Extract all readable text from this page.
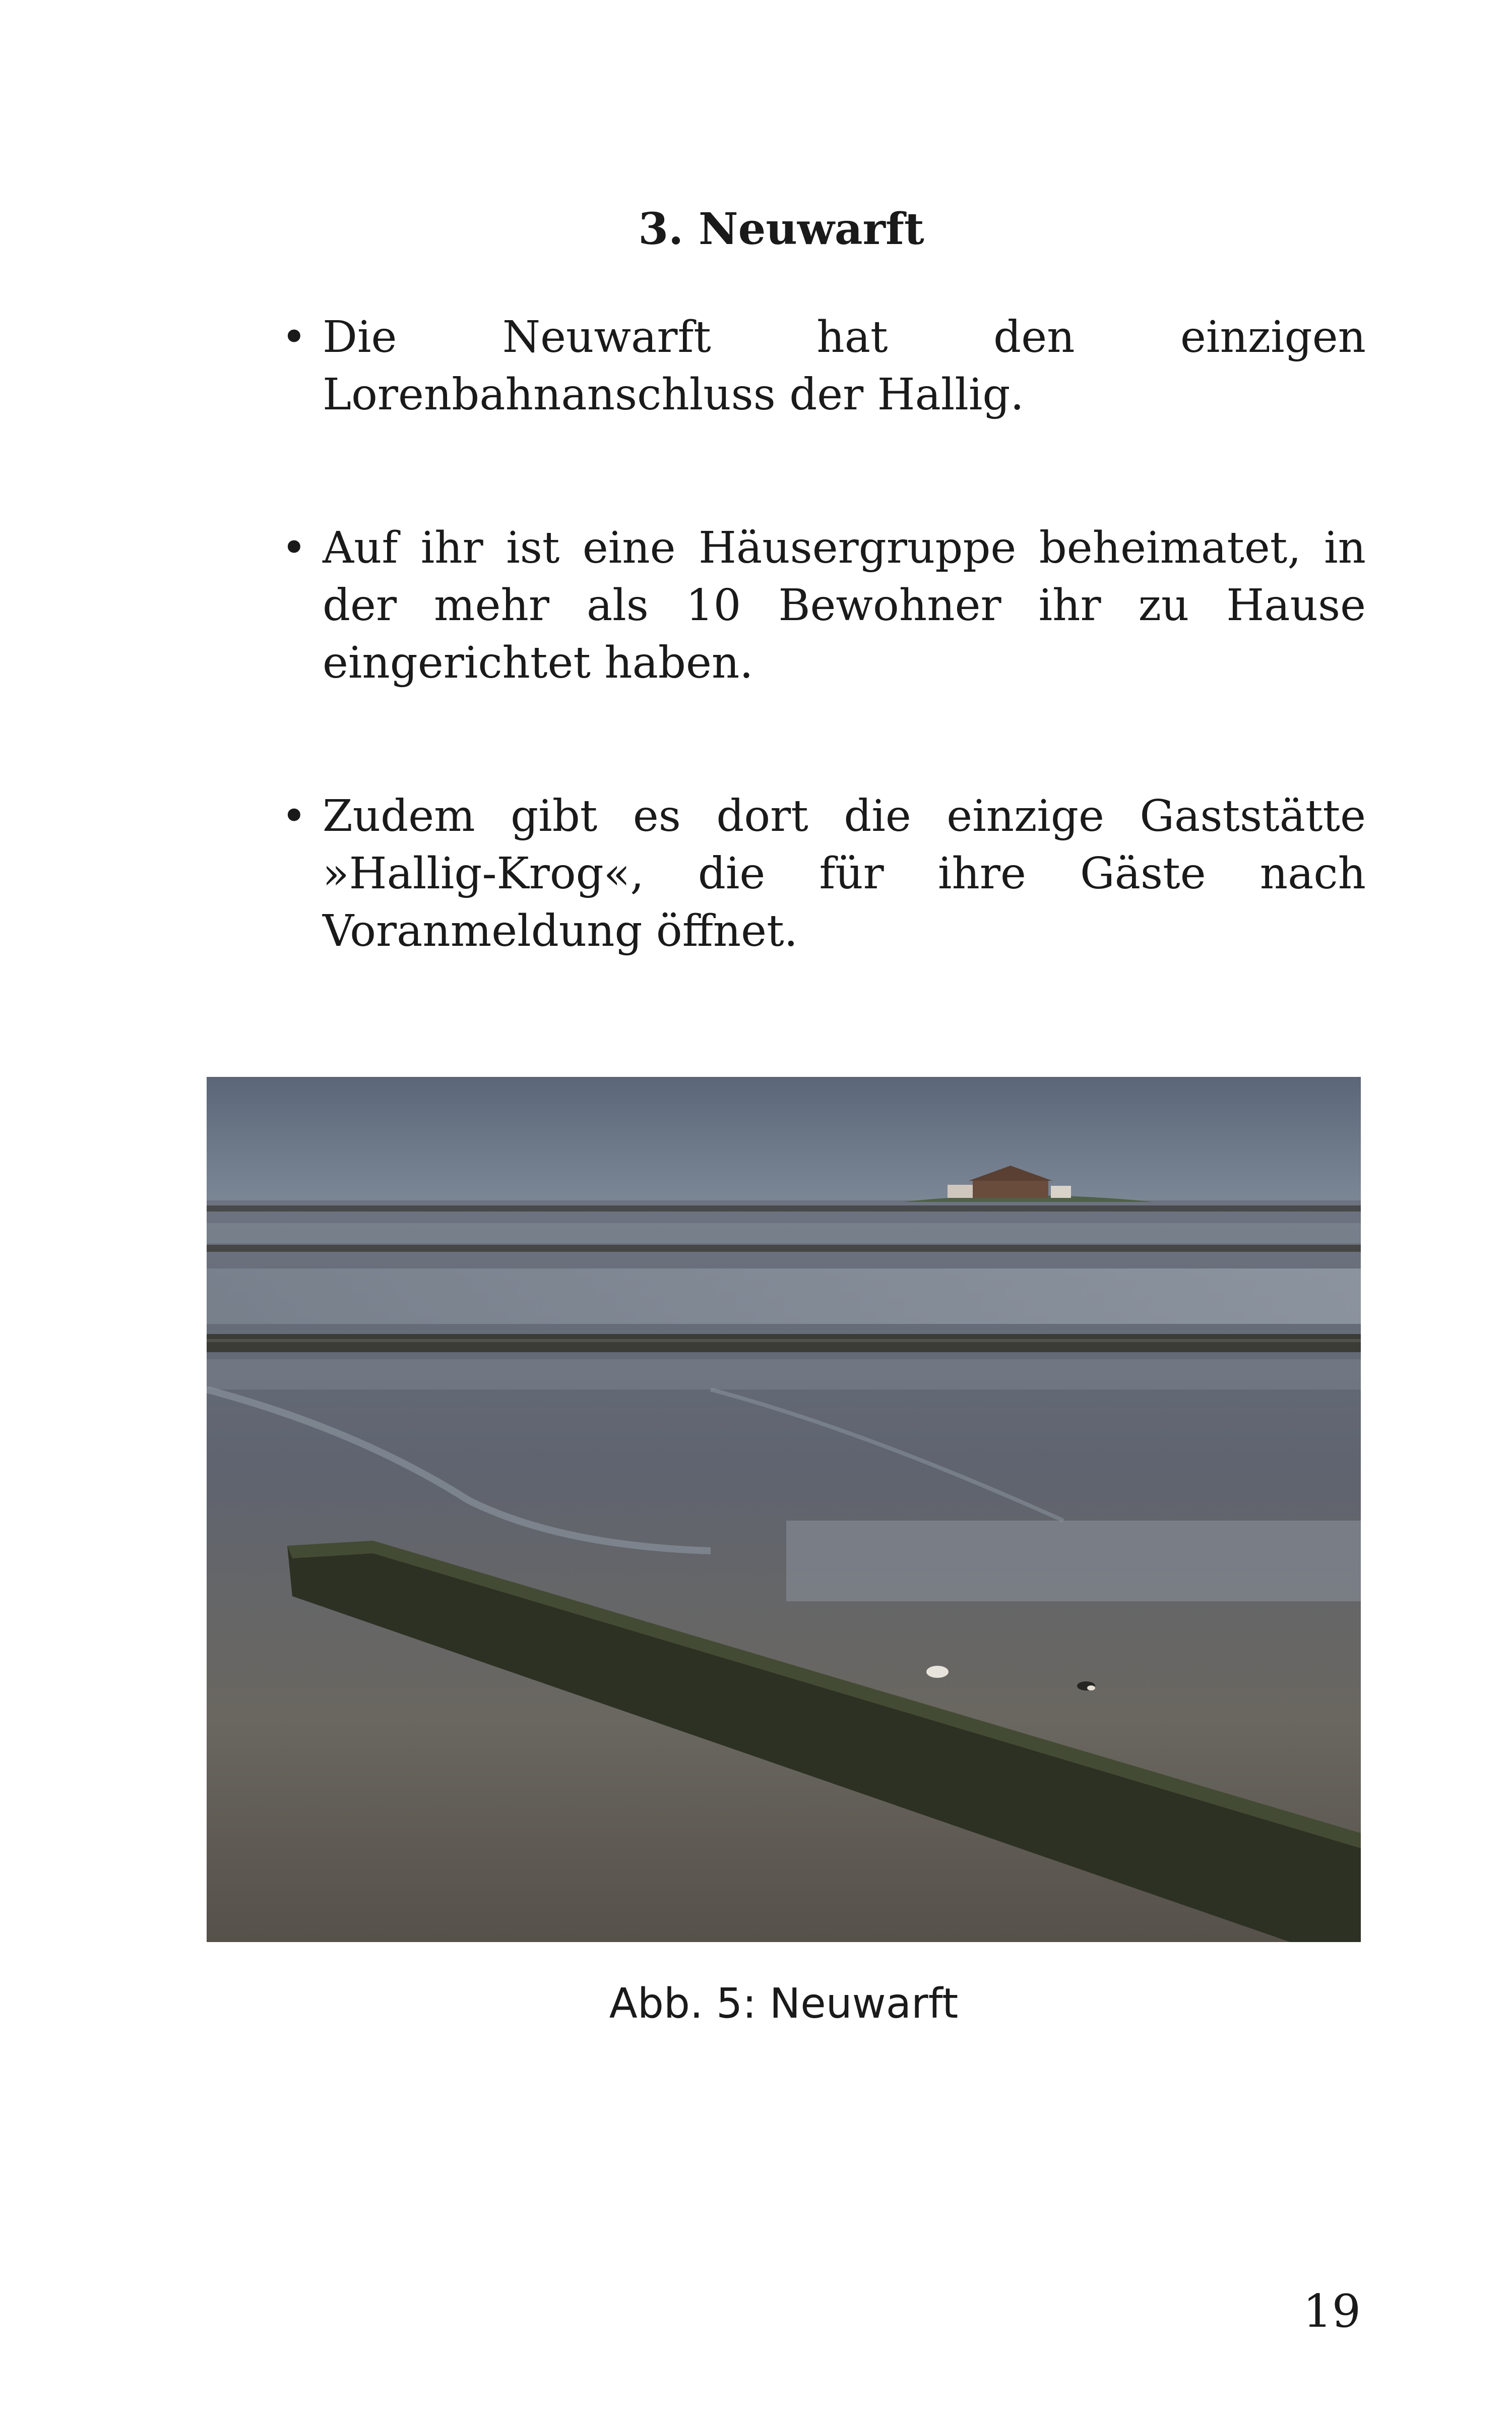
3. Neuwarft
• Die Neuwarft hat den einzigen Lorenbahnanschluss der Hallig.
• Auf ihr ist eine Häusergruppe beheimatet, in der mehr als 10 Bewohner ihr zu Hause eingerichtet haben.
• Zudem gibt es dort die einzige Gaststätte »Hallig-Krog«, die für ihre Gäste nach Voranmeldung öffnet.

Abb. 5: Neuwarft

19
